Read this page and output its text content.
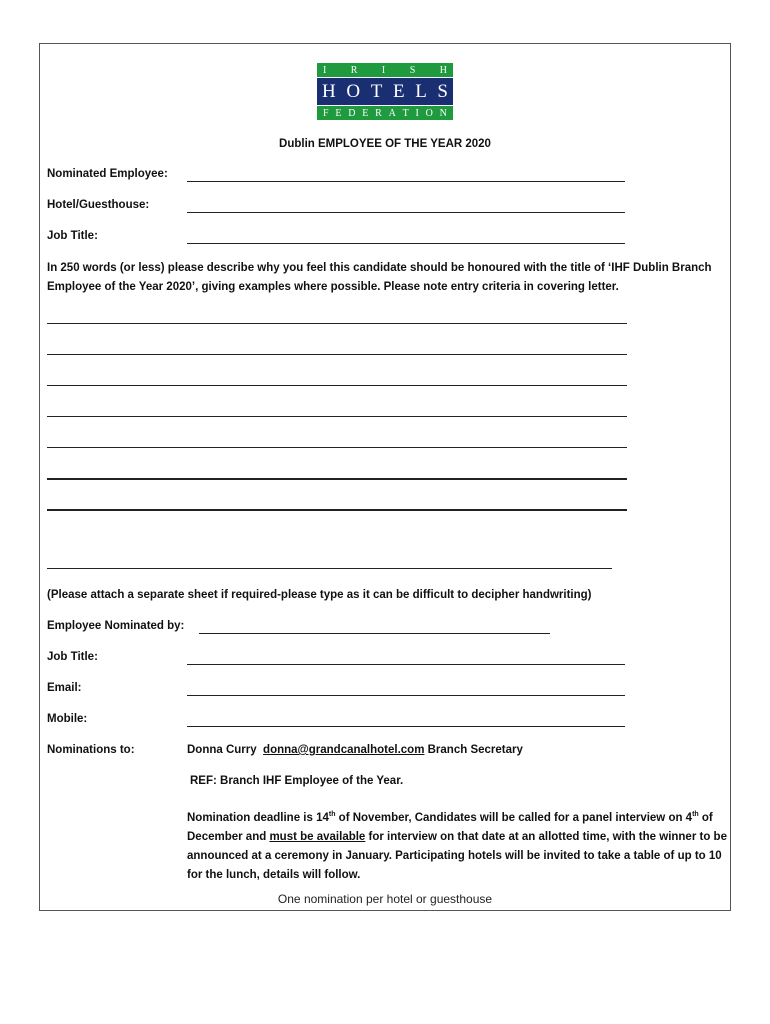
I R I S H
H O T E L S
F E D E R A T I O N
Dublin EMPLOYEE OF THE YEAR 2020
Nominated Employee:
Hotel/Guesthouse:
Job Title:
In 250 words (or less) please describe why you feel this candidate should be honoured with the title of ‘IHF Dublin Branch Employee of the Year 2020’, giving examples where possible. Please note entry criteria in covering letter.
(Please attach a separate sheet if required-please type as it can be difficult to decipher handwriting)
Employee Nominated by:
Job Title:
Email:
Mobile:
Nominations to:	Donna Curry donna@grandcanalhotel.com Branch Secretary
REF: Branch IHF Employee of the Year.
Nomination deadline is 14th of November, Candidates will be called for a panel interview on 4th of December and must be available for interview on that date at an allotted time, with the winner to be announced at a ceremony in January. Participating hotels will be invited to take a table of up to 10 for the lunch, details will follow.
One nomination per hotel or guesthouse
